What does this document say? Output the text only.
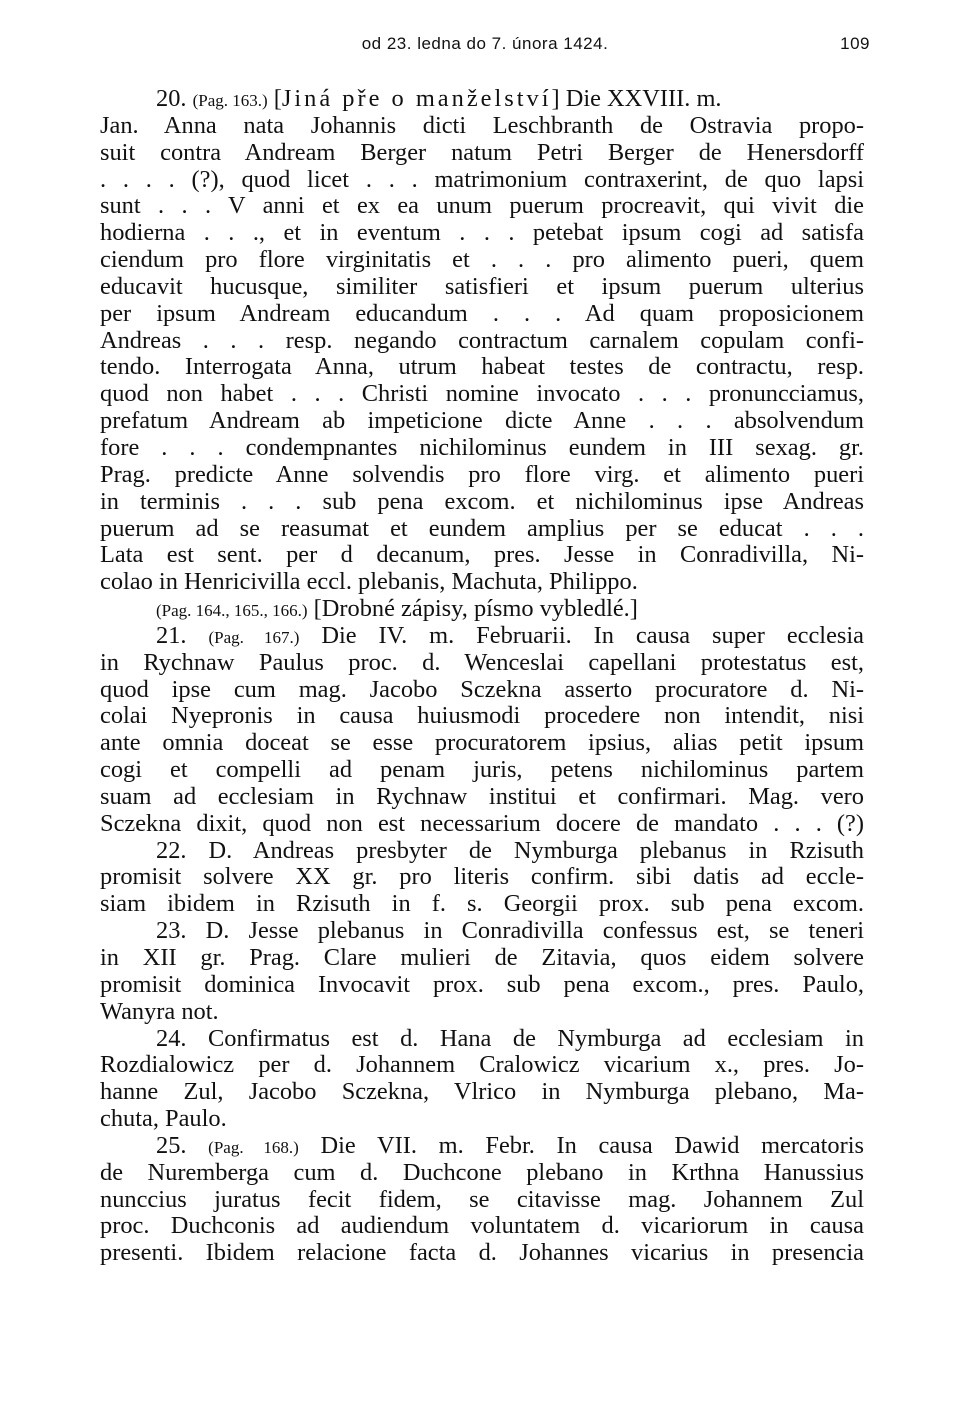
od 23. ledna do 7. února 1424.	109
20. (Pag. 163.) [Jiná pře o manželství] Die XXVIII. m.
Jan. Anna nata Johannis dicti Leschbranth de Ostravia propo-
suit contra Andream Berger natum Petri Berger de Henersdorff
. . . . (?), quod licet . . . matrimonium contraxerint, de quo lapsi
sunt . . . V anni et ex ea unum puerum procreavit, qui vivit die
hodierna . . ., et in eventum . . . petebat ipsum cogi ad satisfa
ciendum pro flore virginitatis et . . . pro alimento pueri, quem
educavit hucusque, similiter satisfieri et ipsum puerum ulterius
per ipsum Andream educandum . . . Ad quam proposicionem
Andreas . . . resp. negando contractum carnalem copulam confi-
tendo. Interrogata Anna, utrum habeat testes de contractu, resp.
quod non habet . . . Christi nomine invocato . . . pronuncciamus,
prefatum Andream ab impeticione dicte Anne . . . absolvendum
fore . . . condempnantes nichilominus eundem in III sexag. gr.
Prag. predicte Anne solvendis pro flore virg. et alimento pueri
in terminis . . . sub pena excom. et nichilominus ipse Andreas
puerum ad se reasumat et eundem amplius per se educat . . .
Lata est sent. per d decanum, pres. Jesse in Conradivilla, Ni-
colao in Henricivilla eccl. plebanis, Machuta, Philippo.
(Pag. 164., 165., 166.) [Drobné zápisy, písmo vybledlé.]
21. (Pag. 167.) Die IV. m. Februarii. In causa super ecclesia
in Rychnaw Paulus proc. d. Wenceslai capellani protestatus est,
quod ipse cum mag. Jacobo Sczekna asserto procuratore d. Ni-
colai Nyepronis in causa huiusmodi procedere non intendit, nisi
ante omnia doceat se esse procuratorem ipsius, alias petit ipsum
cogi et compelli ad penam juris, petens nichilominus partem
suam ad ecclesiam in Rychnaw institui et confirmari. Mag. vero
Sczekna dixit, quod non est necessarium docere de mandato . . . (?)
22. D. Andreas presbyter de Nymburga plebanus in Rzisuth
promisit solvere XX gr. pro literis confirm. sibi datis ad eccle-
siam ibidem in Rzisuth in f. s. Georgii prox. sub pena excom.
23. D. Jesse plebanus in Conradivilla confessus est, se teneri
in XII gr. Prag. Clare mulieri de Zitavia, quos eidem solvere
promisit dominica Invocavit prox. sub pena excom., pres. Paulo,
Wanyra not.
24. Confirmatus est d. Hana de Nymburga ad ecclesiam in
Rozdialowicz per d. Johannem Cralowicz vicarium x., pres. Jo-
hanne Zul, Jacobo Sczekna, Vlrico in Nymburga plebano, Ma-
chuta, Paulo.
25. (Pag. 168.) Die VII. m. Febr. In causa Dawid mercatoris
de Nuremberga cum d. Duchcone plebano in Krthna Hanussius
nunccius juratus fecit fidem, se citavisse mag. Johannem Zul
proc. Duchconis ad audiendum voluntatem d. vicariorum in causa
presenti. Ibidem relacione facta d. Johannes vicarius in presencia
